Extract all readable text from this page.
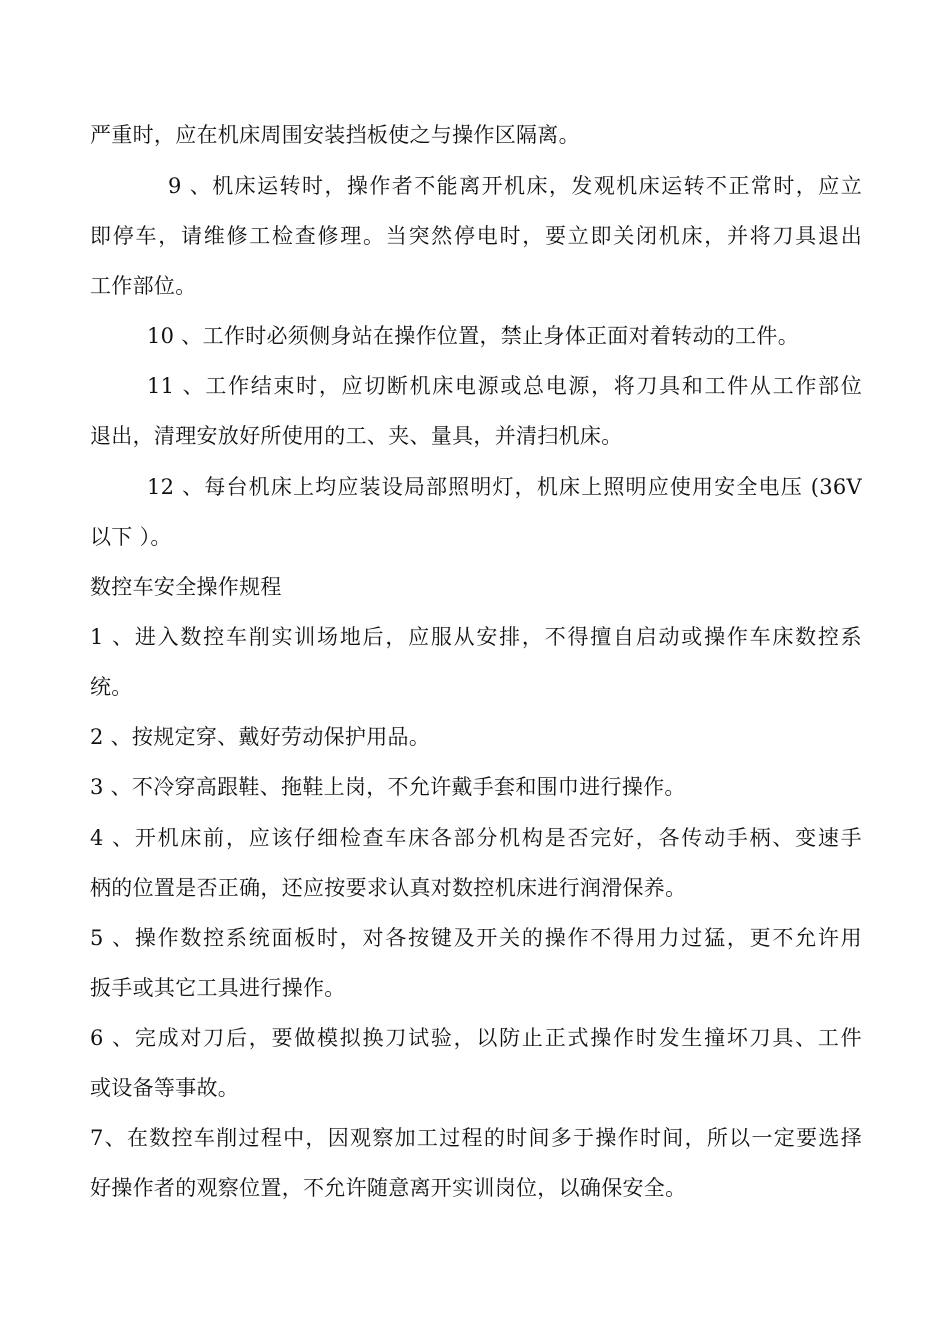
严重时，应在机床周围安装挡板使之与操作区隔离。

9 、机床运转时，操作者不能离开机床，发观机床运转不正常时，应立

即停车，请维修工检查修理。当突然停电时，要立即关闭机床，并将刀具退出

工作部位。

10 、工作时必须侧身站在操作位置，禁止身体正面对着转动的工件。

11 、工作结束时，应切断机床电源或总电源，将刀具和工件从工作部位

退出，清理安放好所使用的工、夹、量具，并清扫机床。

12 、每台机床上均应装设局部照明灯，机床上照明应使用安全电压 (36V

以下 ）。

数控车安全操作规程

1 、进入数控车削实训场地后，应服从安排，不得擅自启动或操作车床数控系

统。

2 、按规定穿、戴好劳动保护用品。

3 、不冷穿高跟鞋、拖鞋上岗，不允许戴手套和围巾进行操作。

4 、开机床前，应该仔细检查车床各部分机构是否完好，各传动手柄、变速手

柄的位置是否正确，还应按要求认真对数控机床进行润滑保养。

5 、操作数控系统面板时，对各按键及开关的操作不得用力过猛，更不允许用

扳手或其它工具进行操作。

6 、完成对刀后，要做模拟换刀试验，以防止正式操作时发生撞坏刀具、工件

或设备等事故。

7、在数控车削过程中，因观察加工过程的时间多于操作时间，所以一定要选择

好操作者的观察位置，不允许随意离开实训岗位，以确保安全。
